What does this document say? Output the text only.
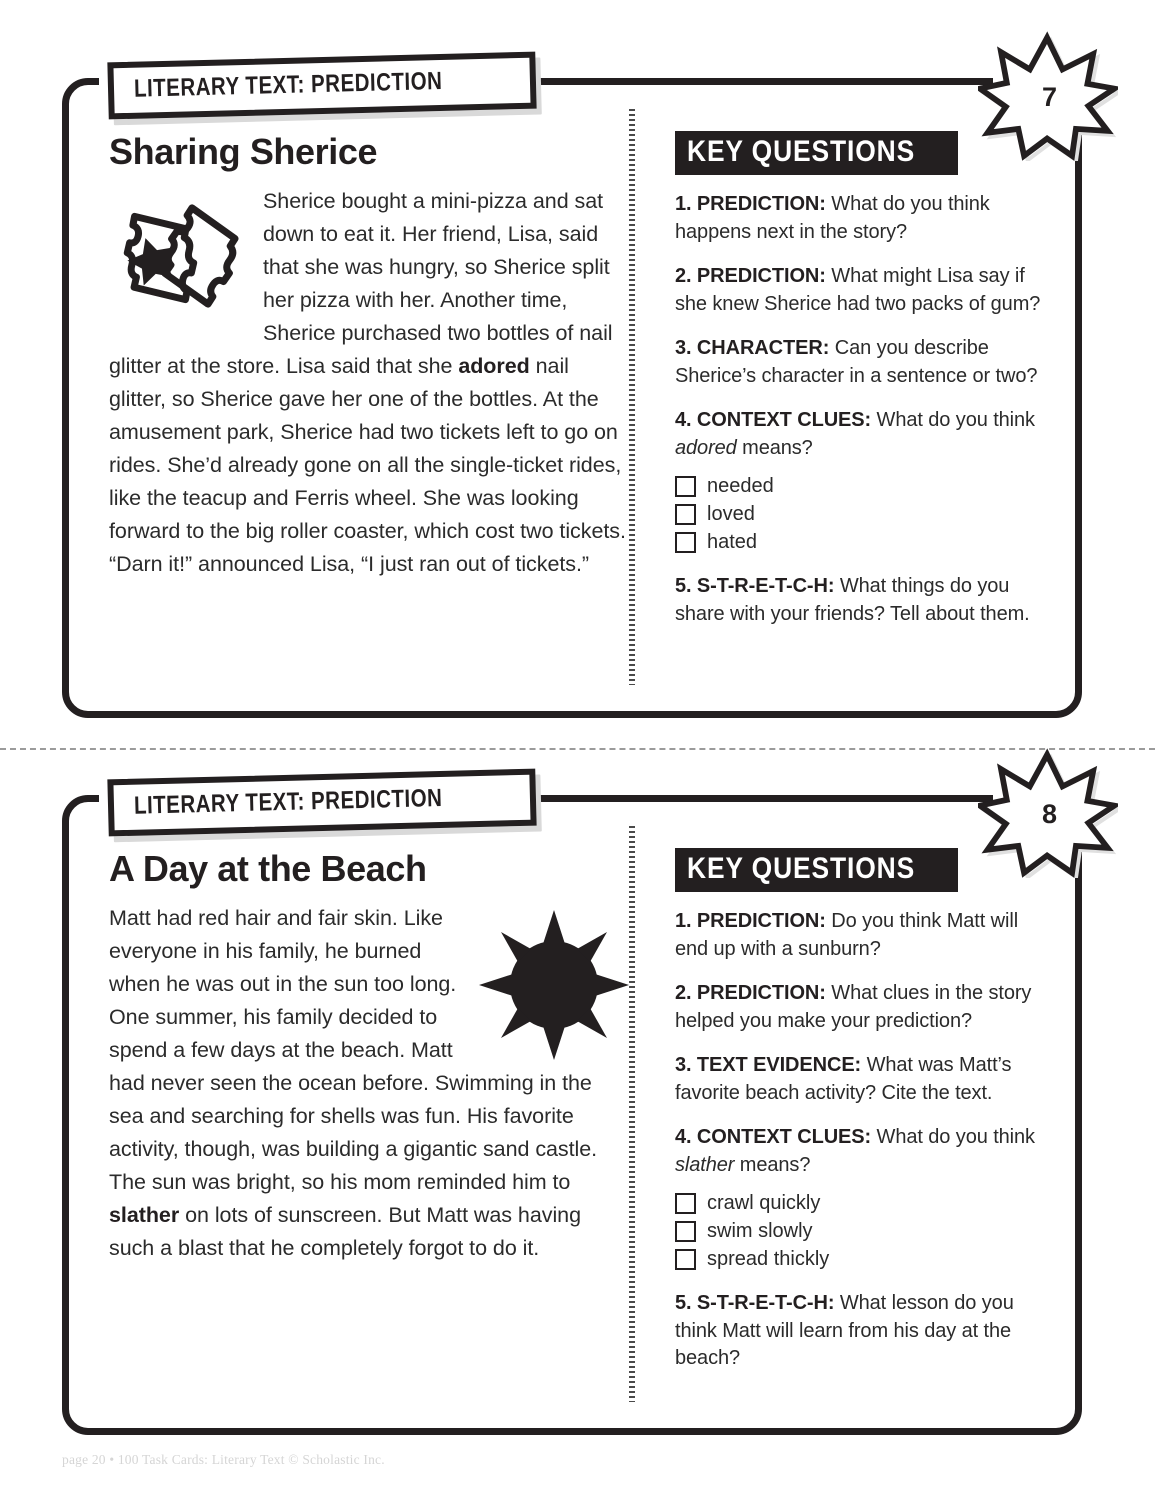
Sharing Sherice
Sherice bought a mini-pizza and sat down to eat it. Her friend, Lisa, said that she was hungry, so Sherice split her pizza with her. Another time, Sherice purchased two bottles of nail glitter at the store. Lisa said that she adored nail glitter, so Sherice gave her one of the bottles. At the amusement park, Sherice had two tickets left to go on rides. She’d already gone on all the single-ticket rides, like the teacup and Ferris wheel. She was looking forward to the big roller coaster, which cost two tickets. “Darn it!” announced Lisa, “I just ran out of tickets.”
KEY QUESTIONS
1. PREDICTION: What do you think happens next in the story?
2. PREDICTION: What might Lisa say if she knew Sherice had two packs of gum?
3. CHARACTER: Can you describe Sherice’s character in a sentence or two?
4. CONTEXT CLUES: What do you think adored means?
needed
loved
hated
5. S-T-R-E-T-C-H: What things do you share with your friends? Tell about them.
LITERARY TEXT: PREDICTION	7
A Day at the Beach
Matt had red hair and fair skin. Like everyone in his family, he burned when he was out in the sun too long. One summer, his family decided to spend a few days at the beach. Matt had never seen the ocean before. Swimming in the sea and searching for shells was fun. His favorite activity, though, was building a gigantic sand castle. The sun was bright, so his mom reminded him to slather on lots of sunscreen. But Matt was having such a blast that he completely forgot to do it.
KEY QUESTIONS
1. PREDICTION: Do you think Matt will end up with a sunburn?
2. PREDICTION: What clues in the story helped you make your prediction?
3. TEXT EVIDENCE: What was Matt’s favorite beach activity? Cite the text.
4. CONTEXT CLUES: What do you think slather means?
crawl quickly
swim slowly
spread thickly
5. S-T-R-E-T-C-H: What lesson do you think Matt will learn from his day at the beach?
LITERARY TEXT: PREDICTION	8
page 20 • 100 Task Cards: Literary Text © Scholastic Inc.
